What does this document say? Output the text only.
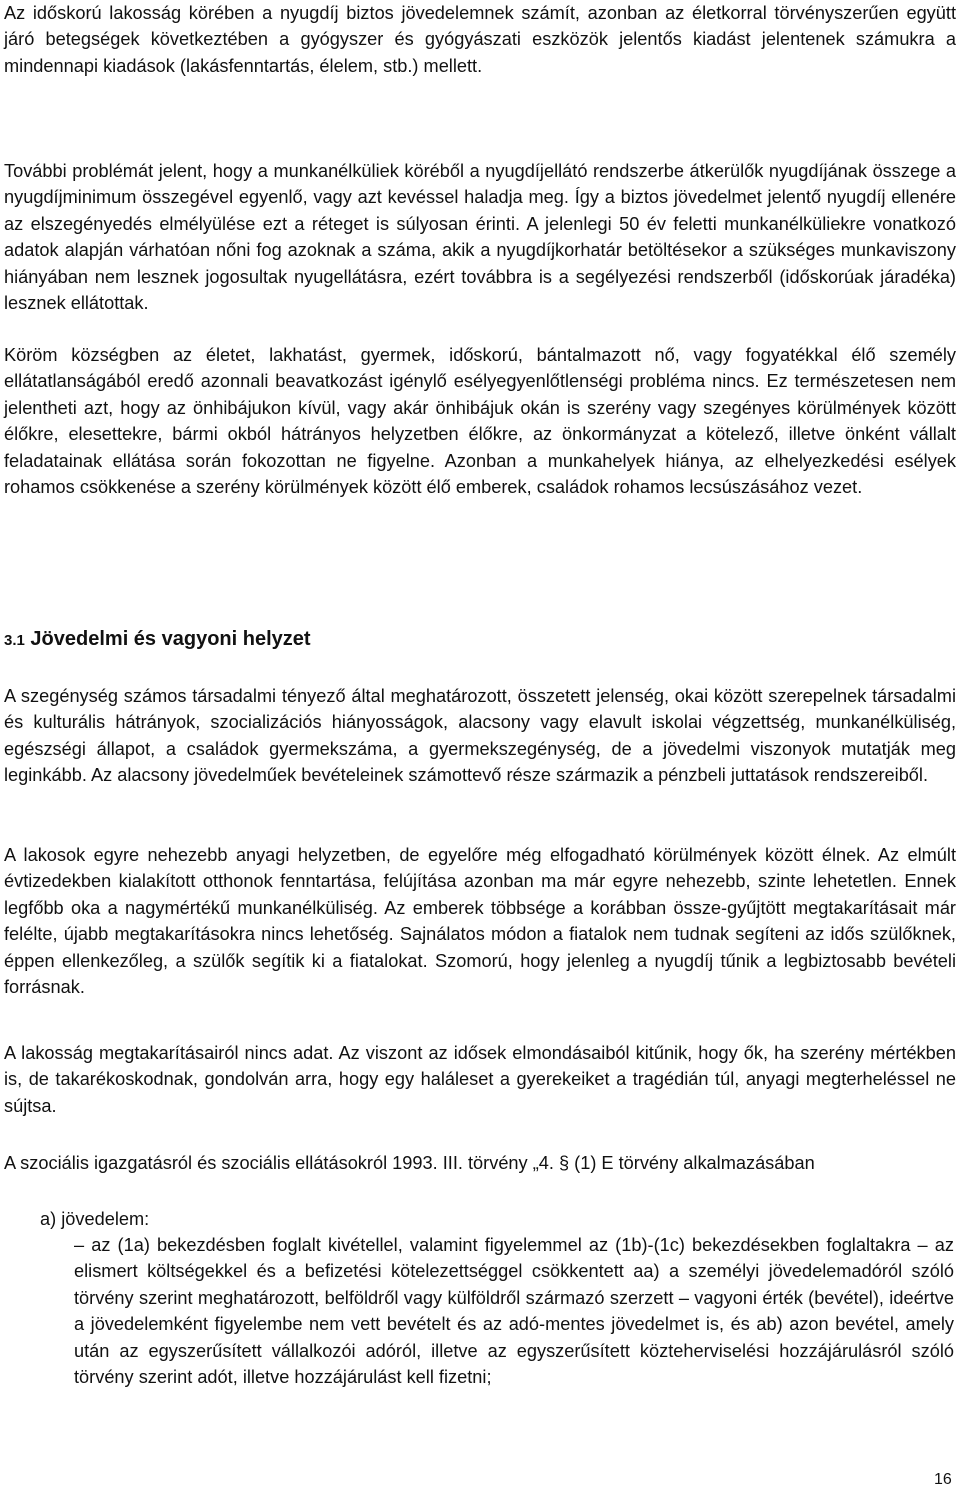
Az időskorú lakosság körében a nyugdíj biztos jövedelemnek számít, azonban az életkorral törvényszerűen együtt járó betegségek következtében a gyógyszer és gyógyászati eszközök jelentős kiadást jelentenek számukra a mindennapi kiadások (lakásfenntartás, élelem, stb.) mellett.

További problémát jelent, hogy a munkanélküliek köréből a nyugdíjellátó rendszerbe átkerülők nyugdíjának összege a nyugdíjminimum összegével egyenlő, vagy azt kevéssel haladja meg. Így a biztos jövedelmet jelentő nyugdíj ellenére az elszegényedés elmélyülése ezt a réteget is súlyosan érinti. A jelenlegi 50 év feletti munkanélküliekre vonatkozó adatok alapján várhatóan nőni fog azoknak a száma, akik a nyugdíjkorhatár betöltésekor a szükséges munkaviszony hiányában nem lesznek jogosultak nyugellátásra, ezért továbbra is a segélyezési rendszerből (időskorúak járadéka) lesznek ellátottak.

Köröm községben az életet, lakhatást, gyermek, időskorú, bántalmazott nő, vagy fogyatékkal élő személy ellátatlanságából eredő azonnali beavatkozást igénylő esélyegyenlőtlenségi probléma nincs. Ez természetesen nem jelentheti azt, hogy az önhibájukon kívül, vagy akár önhibájuk okán is szerény vagy szegényes körülmények között élőkre, elesettekre, bármi okból hátrányos helyzetben élőkre, az önkormányzat a kötelező, illetve önként vállalt feladatainak ellátása során fokozottan ne figyelne. Azonban a munkahelyek hiánya, az elhelyezkedési esélyek rohamos csökkenése a szerény körülmények között élő emberek, családok rohamos lecsúszásához vezet.

3.1 Jövedelmi és vagyoni helyzet

A szegénység számos társadalmi tényező által meghatározott, összetett jelenség, okai között szerepelnek társadalmi és kulturális hátrányok, szocializációs hiányosságok, alacsony vagy elavult iskolai végzettség, munkanélküliség, egészségi állapot, a családok gyermekszáma, a gyermekszegénység, de a jövedelmi viszonyok mutatják meg leginkább. Az alacsony jövedelműek bevételeinek számottevő része származik a pénzbeli juttatások rendszereiből.

A lakosok egyre nehezebb anyagi helyzetben, de egyelőre még elfogadható körülmények között élnek. Az elmúlt évtizedekben kialakított otthonok fenntartása, felújítása azonban ma már egyre nehezebb, szinte lehetetlen. Ennek legfőbb oka a nagymértékű munkanélküliség. Az emberek többsége a korábban össze-gyűjtött megtakarításait már felélte, újabb megtakarításokra nincs lehetőség. Sajnálatos módon a fiatalok nem tudnak segíteni az idős szülőknek, éppen ellenkezőleg, a szülők segítik ki a fiatalokat. Szomorú, hogy jelenleg a nyugdíj tűnik a legbiztosabb bevételi forrásnak.

A lakosság megtakarításairól nincs adat. Az viszont az idősek elmondásaiból kitűnik, hogy ők, ha szerény mértékben is, de takarékoskodnak, gondolván arra, hogy egy haláleset a gyerekeiket a tragédián túl, anyagi megterheléssel ne sújtsa.

A szociális igazgatásról és szociális ellátásokról 1993. III. törvény „4. § (1) E törvény alkalmazásában

a) jövedelem:

– az (1a) bekezdésben foglalt kivétellel, valamint figyelemmel az (1b)-(1c) bekezdésekben foglaltakra – az elismert költségekkel és a befizetési kötelezettséggel csökkentett aa) a személyi jövedelemadóról szóló törvény szerint meghatározott, belföldről vagy külföldről származó szerzett – vagyoni érték (bevétel), ideértve a jövedelemként figyelembe nem vett bevételt és az adó-mentes jövedelmet is, és ab) azon bevétel, amely után az egyszerűsített vállalkozói adóról, illetve az egyszerűsített közteherviselési hozzájárulásról szóló törvény szerint adót, illetve hozzájárulást kell fizetni;

16
